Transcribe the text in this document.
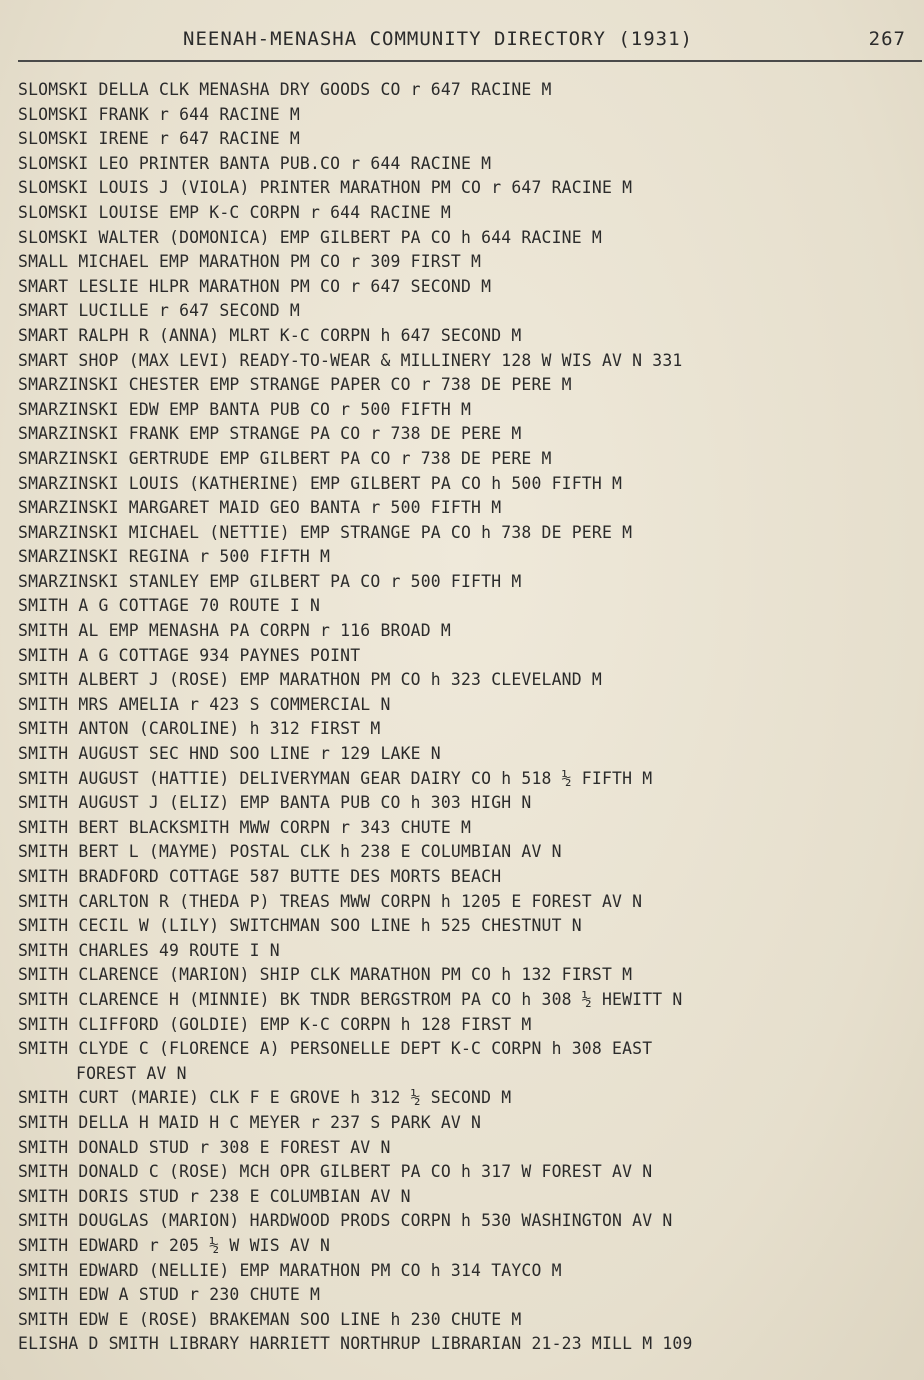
NEENAH-MENASHA COMMUNITY DIRECTORY (1931)	267
SLOMSKI DELLA CLK MENASHA DRY GOODS CO r 647 RACINE M
SLOMSKI FRANK r 644 RACINE M
SLOMSKI IRENE r 647 RACINE M
SLOMSKI LEO PRINTER BANTA PUB.CO r 644 RACINE M
SLOMSKI LOUIS J (VIOLA) PRINTER MARATHON PM CO r 647 RACINE M
SLOMSKI LOUISE EMP K-C CORPN r 644 RACINE M
SLOMSKI WALTER (DOMONICA) EMP GILBERT PA CO h 644 RACINE M
SMALL MICHAEL EMP MARATHON PM CO r 309 FIRST M
SMART LESLIE HLPR MARATHON PM CO r 647 SECOND M
SMART LUCILLE r 647 SECOND M
SMART RALPH R (ANNA) MLRT K-C CORPN h 647 SECOND M
SMART SHOP (MAX LEVI) READY-TO-WEAR & MILLINERY 128 W WIS AV N 331
SMARZINSKI CHESTER EMP STRANGE PAPER CO r 738 DE PERE M
SMARZINSKI EDW EMP BANTA PUB CO r 500 FIFTH M
SMARZINSKI FRANK EMP STRANGE PA CO r 738 DE PERE M
SMARZINSKI GERTRUDE EMP GILBERT PA CO r 738 DE PERE M
SMARZINSKI LOUIS (KATHERINE) EMP GILBERT PA CO h 500 FIFTH M
SMARZINSKI MARGARET MAID GEO BANTA r 500 FIFTH M
SMARZINSKI MICHAEL (NETTIE) EMP STRANGE PA CO h 738 DE PERE M
SMARZINSKI REGINA r 500 FIFTH M
SMARZINSKI STANLEY EMP GILBERT PA CO r 500 FIFTH M
SMITH A G COTTAGE 70 ROUTE I N
SMITH AL EMP MENASHA PA CORPN r 116 BROAD M
SMITH A G COTTAGE 934 PAYNES POINT
SMITH ALBERT J (ROSE) EMP MARATHON PM CO h 323 CLEVELAND M
SMITH MRS AMELIA r 423 S COMMERCIAL N
SMITH ANTON (CAROLINE) h 312 FIRST M
SMITH AUGUST SEC HND SOO LINE r 129 LAKE N
SMITH AUGUST (HATTIE) DELIVERYMAN GEAR DAIRY CO h 518 ½ FIFTH M
SMITH AUGUST J (ELIZ) EMP BANTA PUB CO h 303 HIGH N
SMITH BERT BLACKSMITH MWW CORPN r 343 CHUTE M
SMITH BERT L (MAYME) POSTAL CLK h 238 E COLUMBIAN AV N
SMITH BRADFORD COTTAGE 587 BUTTE DES MORTS BEACH
SMITH CARLTON R (THEDA P) TREAS MWW CORPN h 1205 E FOREST AV N
SMITH CECIL W (LILY) SWITCHMAN SOO LINE h 525 CHESTNUT N
SMITH CHARLES 49 ROUTE I N
SMITH CLARENCE (MARION) SHIP CLK MARATHON PM CO h 132 FIRST M
SMITH CLARENCE H (MINNIE) BK TNDR BERGSTROM PA CO h 308 ½ HEWITT N
SMITH CLIFFORD (GOLDIE) EMP K-C CORPN h 128 FIRST M
SMITH CLYDE C (FLORENCE A) PERSONELLE DEPT K-C CORPN h 308 EAST
FOREST AV N
SMITH CURT (MARIE) CLK F E GROVE h 312 ½ SECOND M
SMITH DELLA H MAID H C MEYER r 237 S PARK AV N
SMITH DONALD STUD r 308 E FOREST AV N
SMITH DONALD C (ROSE) MCH OPR GILBERT PA CO h 317 W FOREST AV N
SMITH DORIS STUD r 238 E COLUMBIAN AV N
SMITH DOUGLAS (MARION) HARDWOOD PRODS CORPN h 530 WASHINGTON AV N
SMITH EDWARD r 205 ½ W WIS AV N
SMITH EDWARD (NELLIE) EMP MARATHON PM CO h 314 TAYCO M
SMITH EDW A STUD r 230 CHUTE M
SMITH EDW E (ROSE) BRAKEMAN SOO LINE h 230 CHUTE M
ELISHA D SMITH LIBRARY HARRIETT NORTHRUP LIBRARIAN 21-23 MILL M 109
